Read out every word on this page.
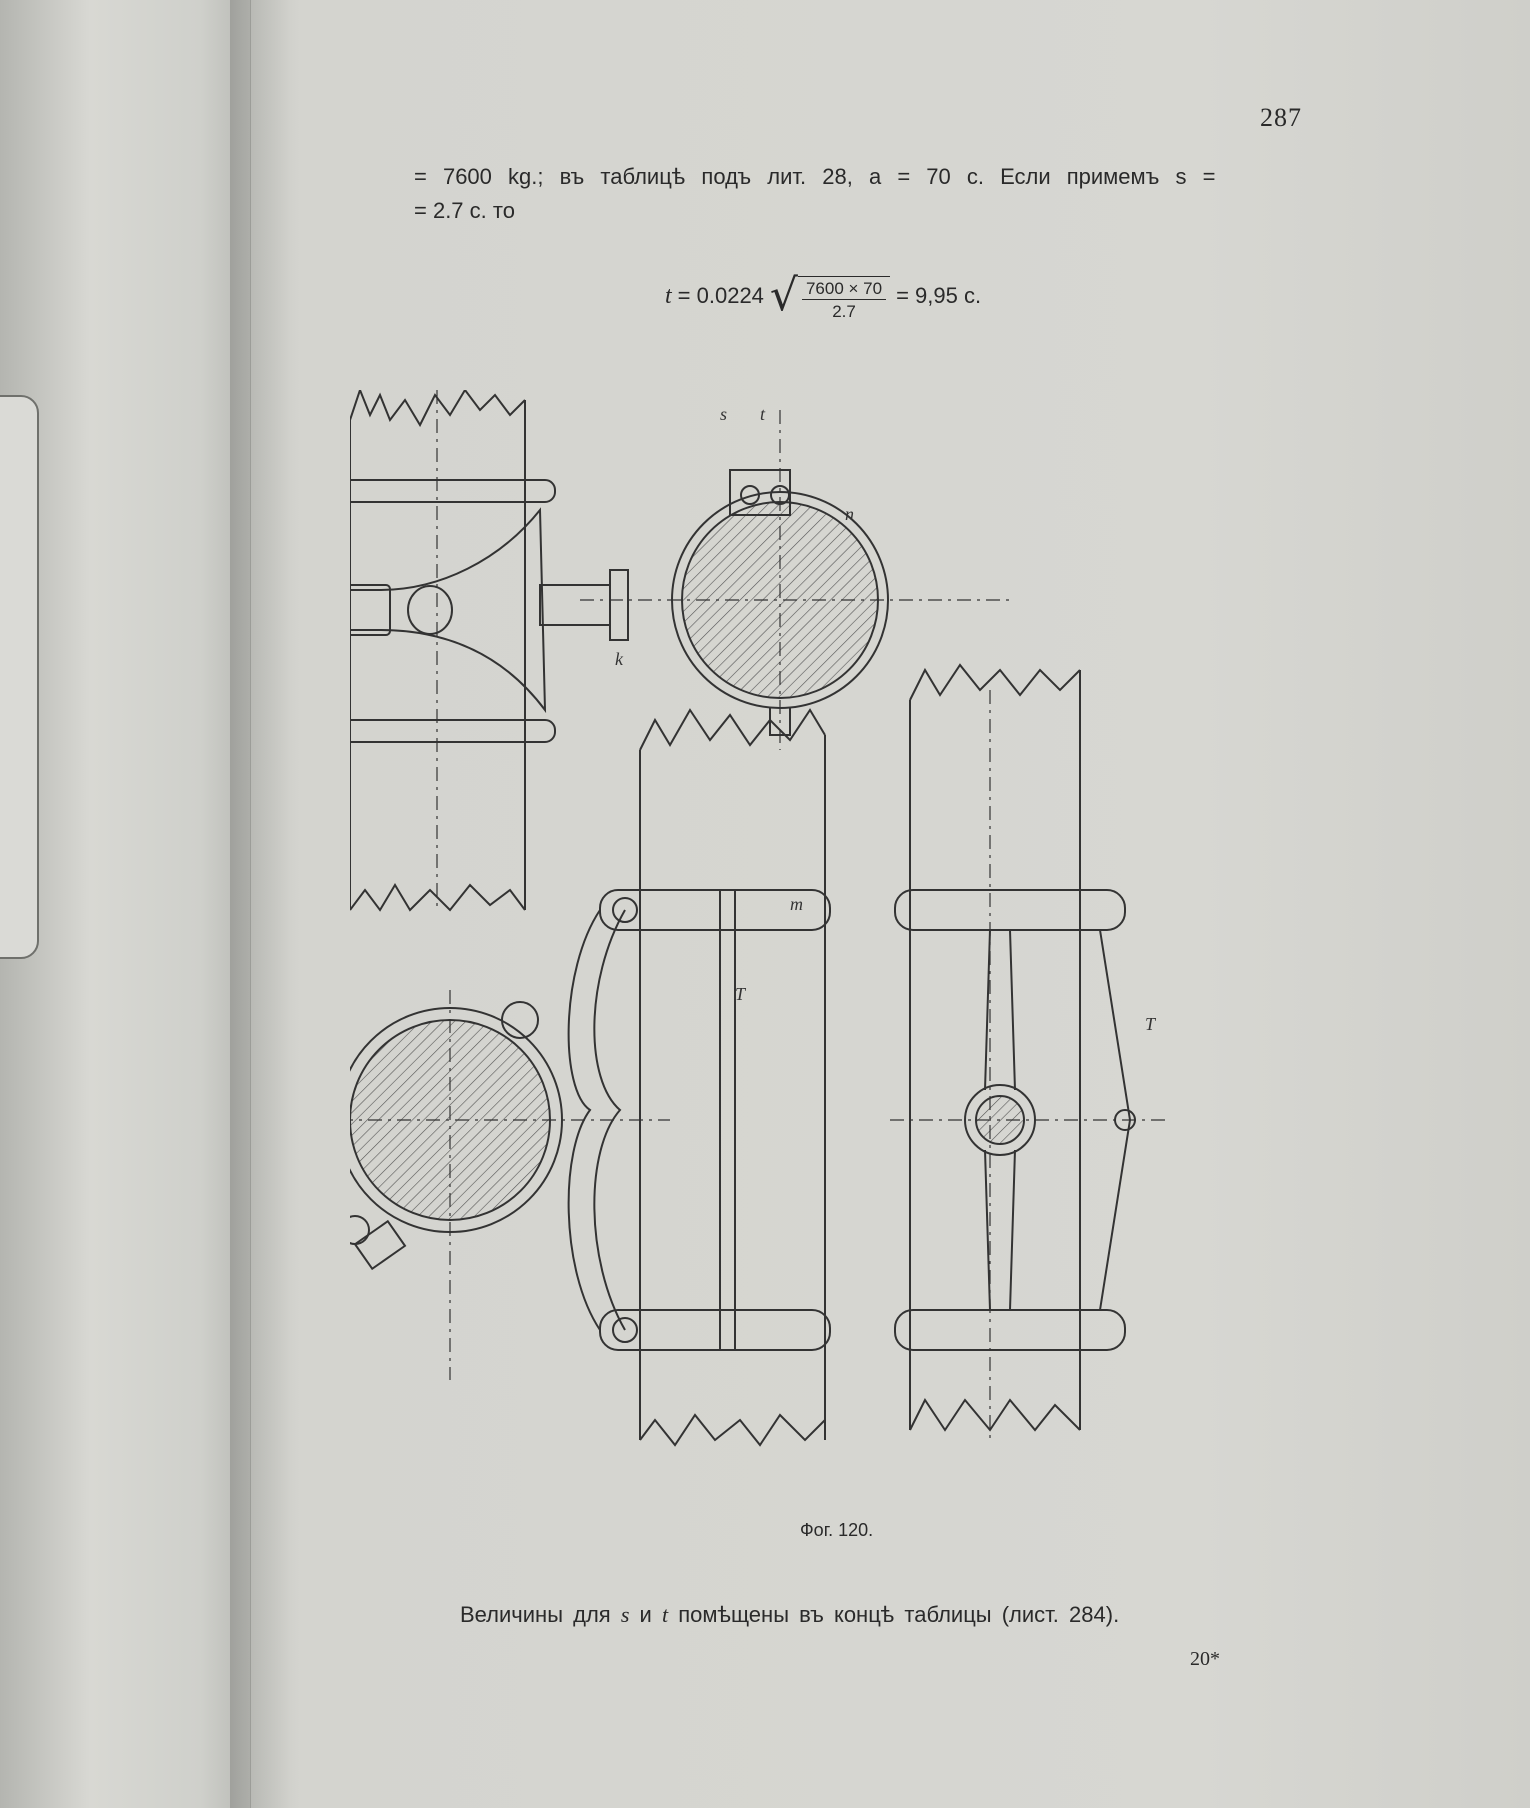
287
= 7600 kg.; въ таблицѣ подъ лит. 28, a = 70 c. Если примемъ s =
= 2.7 c. то
t = 0.0224 √ $\frac{7600 \times 70}{2.7} = 9,95$ c.
s t
T
T
k
m
n
Фог. 120.
Величины для s и t помѣщены въ концѣ таблицы (лист. 284).
20*
